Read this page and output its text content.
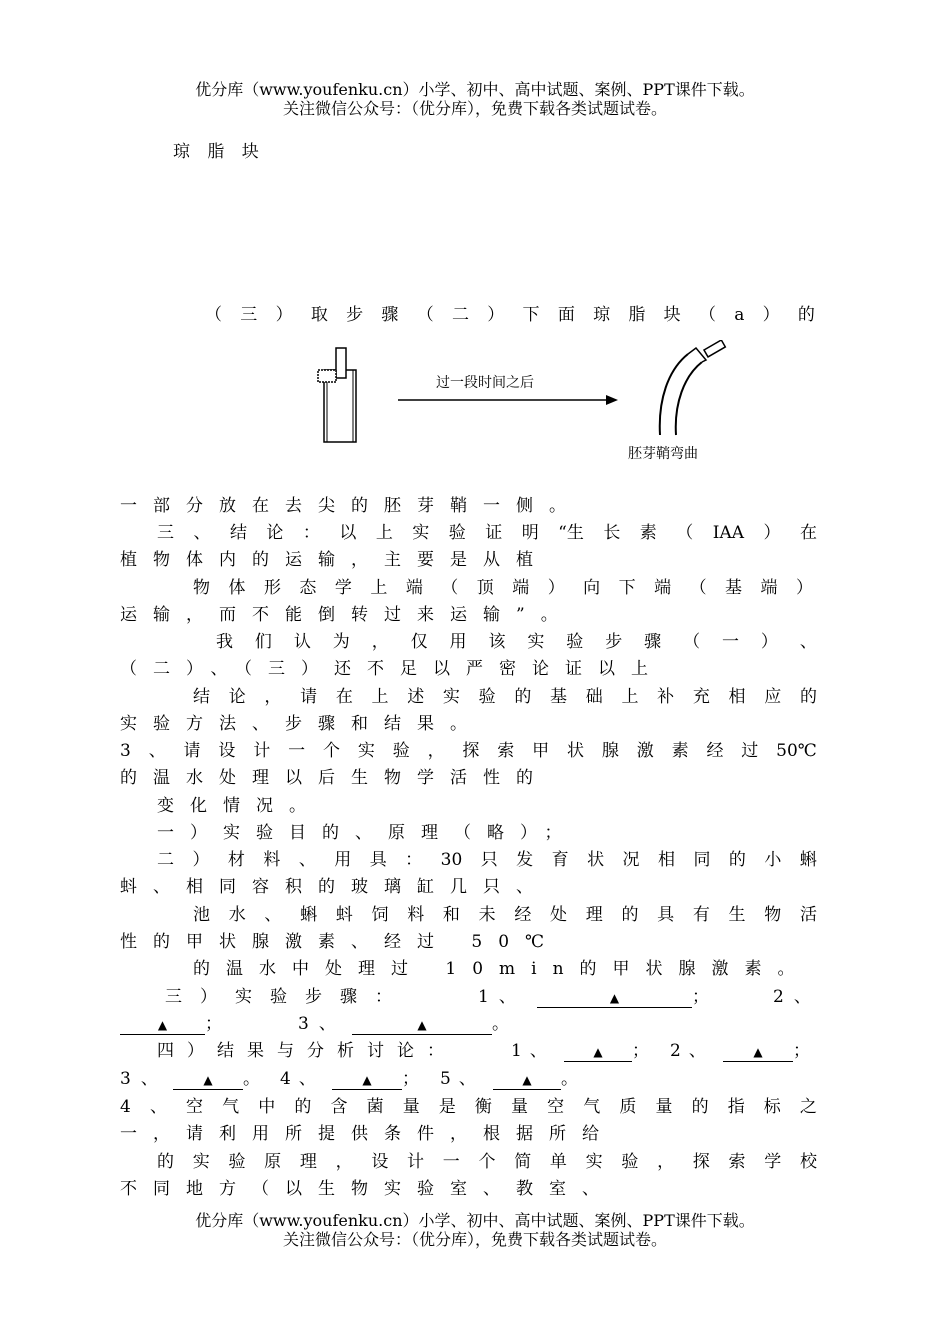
优分库（www.youfenku.cn）小学、初中、高中试题、案例、PPT课件下载。
关注微信公众号：（优分库），免费下载各类试题试卷。
琼 脂 块
（ 三 ） 取 步 骤 （ 二 ） 下 面 琼 脂 块 （ a ） 的
过一段时间之后
胚芽鞘弯曲
一部分放在去尖的胚芽鞘一侧。
三 、 结 论 ： 以 上 实 验 证 明 “生 长 素 （ IAA ） 在
植物体内的运输，主要是从植
物 体 形 态 学 上 端 （ 顶 端 ） 向 下 端 （ 基 端 ）
运输，而不能倒转过来运输”。
我 们 认 为 ， 仅 用 该 实 验 步 骤 （ 一 ） 、
（二）、（三）还不足以严密论证以上
结 论 ， 请 在 上 述 实 验 的 基 础 上 补 充 相 应 的
实验方法、步骤和结果。
3 、 请 设 计 一 个 实 验 ， 探 索 甲 状 腺 激 素 经 过 50℃
的温水处理以后生物学活性的
变化情况。
一）实验目的、原理（略）；
二 ） 材 料 、 用 具 ： 30 只 发 育 状 况 相 同 的 小 蝌
蚪、相同容积的玻璃缸几只、
池 水 、 蝌 蚪 饲 料 和 未 经 处 理 的 具 有 生 物 活
性的甲状腺激素、经过 50℃
的温水中处理过 10min的甲状腺激素。
三）实验步骤：	1、	▲	；	2、
▲ ；	3、	▲	。
四）结果与分析讨论：	1、	▲ ； 2、	▲ ；
3、	▲ 。 4、	▲ ； 5、	▲ 。
4 、 空 气 中 的 含 菌 量 是 衡 量 空 气 质 量 的 指 标 之
一，请利用所提供条件，根据所给
的 实 验 原 理 ， 设 计 一 个 简 单 实 验 ， 探 索 学 校
不同地方（以生物实验室、教室、
优分库（www.youfenku.cn）小学、初中、高中试题、案例、PPT课件下载。
关注微信公众号：（优分库），免费下载各类试题试卷。
